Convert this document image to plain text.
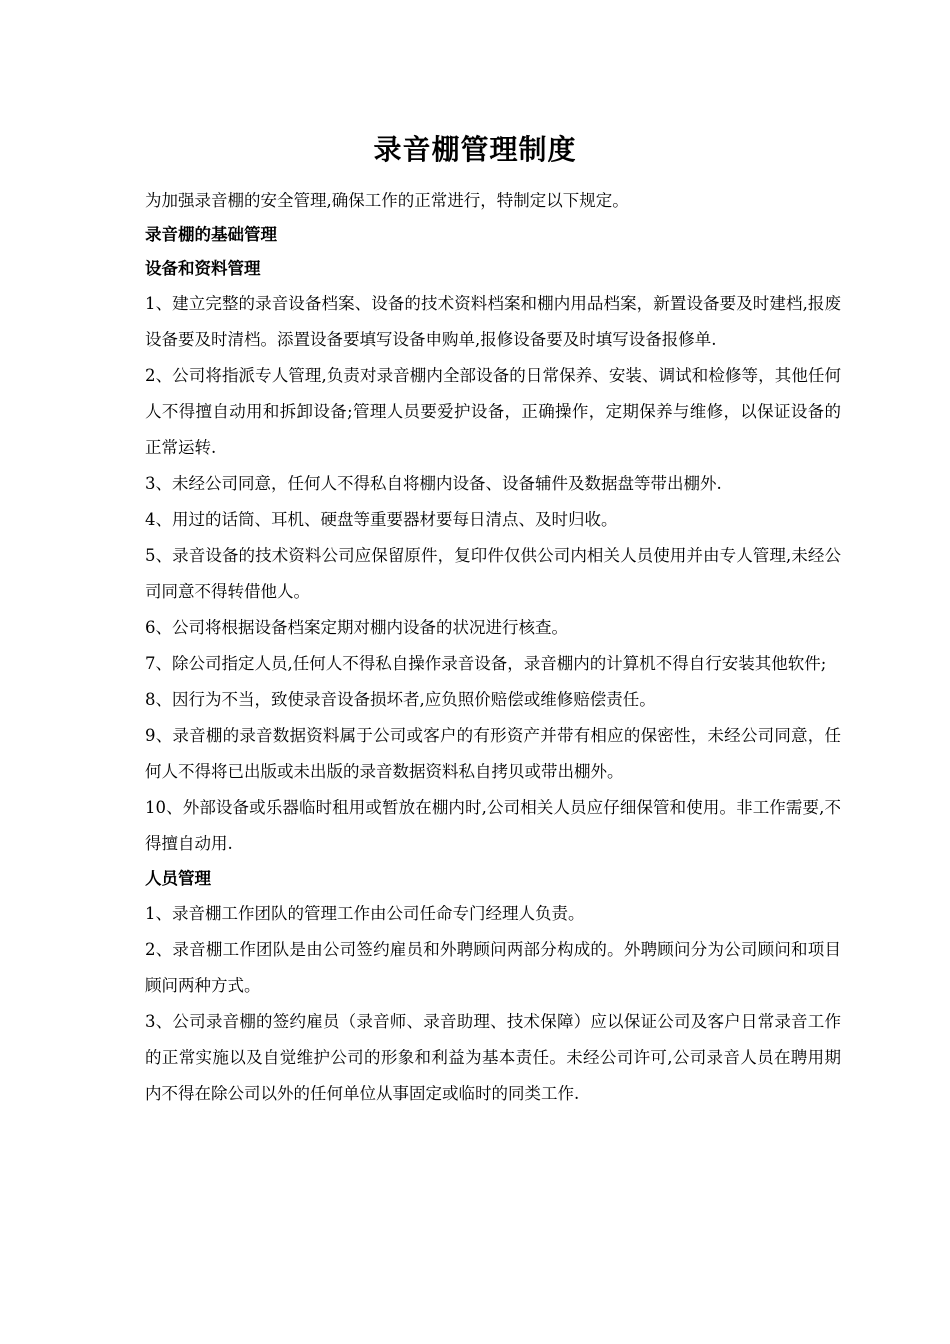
录音棚管理制度

为加强录音棚的安全管理,确保工作的正常进行，特制定以下规定。

录音棚的基础管理

设备和资料管理

1、建立完整的录音设备档案、设备的技术资料档案和棚内用品档案，新置设备要及时建档,报废设备要及时清档。添置设备要填写设备申购单,报修设备要及时填写设备报修单.

2、公司将指派专人管理,负责对录音棚内全部设备的日常保养、安装、调试和检修等，其他任何人不得擅自动用和拆卸设备;管理人员要爱护设备，正确操作，定期保养与维修，以保证设备的正常运转.

3、未经公司同意，任何人不得私自将棚内设备、设备辅件及数据盘等带出棚外.

4、用过的话筒、耳机、硬盘等重要器材要每日清点、及时归收。

5、录音设备的技术资料公司应保留原件，复印件仅供公司内相关人员使用并由专人管理,未经公司同意不得转借他人。

6、公司将根据设备档案定期对棚内设备的状况进行核查。

7、除公司指定人员,任何人不得私自操作录音设备，录音棚内的计算机不得自行安装其他软件;

8、因行为不当，致使录音设备损坏者,应负照价赔偿或维修赔偿责任。

9、录音棚的录音数据资料属于公司或客户的有形资产并带有相应的保密性，未经公司同意，任何人不得将已出版或未出版的录音数据资料私自拷贝或带出棚外。

10、外部设备或乐器临时租用或暂放在棚内时,公司相关人员应仔细保管和使用。非工作需要,不得擅自动用.

人员管理

1、录音棚工作团队的管理工作由公司任命专门经理人负责。

2、录音棚工作团队是由公司签约雇员和外聘顾问两部分构成的。外聘顾问分为公司顾问和项目顾问两种方式。

3、公司录音棚的签约雇员（录音师、录音助理、技术保障）应以保证公司及客户日常录音工作的正常实施以及自觉维护公司的形象和利益为基本责任。未经公司许可,公司录音人员在聘用期内不得在除公司以外的任何单位从事固定或临时的同类工作.
